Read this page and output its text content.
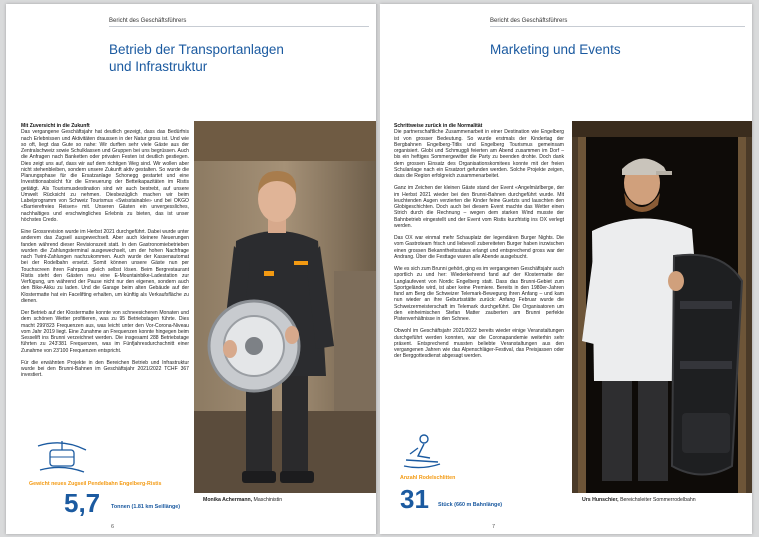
Bericht des Geschäftsführers
Betrieb der Transportanlagen
und Infrastruktur
Mit Zuversicht in die Zukunft

Das vergangene Geschäftsjahr hat deutlich gezeigt, dass das Bedürfnis nach Erlebnissen und Aktivitäten draussen in der Natur gross ist. Und wie so oft, liegt das Gute so nahe: Wir durften sehr viele Gäste aus der Zentralschweiz sowie Schulklassen und Gruppen bei uns begrüssen. Auch die Anfragen nach Banketten oder privaten Festen ist deutlich gestiegen. Dies zeigt uns auf, dass wir auf dem richtigen Weg sind. Wir wollen aber nicht stehenbleiben, sondern unsere Zukunft aktiv gestalten. So wurde die Planungsphase für die Ersatzanlage Schonegg gestartet und eine Investitionsabsicht für die Erneuerung der Betteikapazitäten im Ristis getätigt. Als Tourismusdestination sind wir auch bestrebt, auf unsere Umwelt Rücksicht zu nehmen. Diesbezüglich machen wir beim Labelprogramm von Schweiz Tourismus «Swisstainable» und bei OKGO «Barrierefreies Reisen» mit. Unseren Gästen ein unvergessliches, nachhaltiges und erschwingliches Erlebnis zu bieten, das ist unser höchstes Credo.

Eine Grossrevision wurde im Herbst 2021 durchgeführt. Dabei wurde unter anderem das Zugseil ausgewechselt. Aber auch kleinere Neuerungen fanden während dieser Revisionszeit statt. In den Gastronomiebetrieben wurden die Zahlungsterminal ausgewechselt, um der hohen Nachfrage nach Twint-Zahlungen nachzukommen. Auch wurde der Kassenautomat bei der Rodelbahn ersetzt. Somit können unsere Gäste nun per Touchscreen ihren Fahrpass gleich selbst lösen. Beim Bergrestaurant Ristis steht den Gästen neu eine E-Mountainbike-Ladestation zur Verfügung, um während der Pause nicht nur den eigenen, sondern auch den Bike-Akku zu laden. Und die Garage beim alten Gebäude auf der Klostermatte hat ein Facelifting erhalten, um künftig als Verkaufsfläche zu dienen.

Der Betrieb auf der Klostermatte konnte von schneesicheren Monaten und dem schönen Wetter profitieren, was zu 95 Betriebstagen führte. Dies macht 299'823 Frequenzen aus, was leicht unter den Vor-Corona-Niveau vom Jahr 2019 liegt. Eine Zunahme an Frequenzen konnte hingegen beim Sesselift ins Brunni verzeichnet werden. Die insgesamt 288 Betriebstage führten zu 243'381 Frequenzen, was im Fünfjahresdurchschnitt einer Zunahme von 23'100 Frequenzen entspricht.

Für die erwähnten Projekte in den Bereichen Betrieb und Infrastruktur wurde bei den Brunni-Bahnen im Geschäftsjahr 2021/2022 TCHF 367 investiert.

Monika Achermann, Maschinistin
Gewicht neues Zugseil Pendelbahn Engelberg-Ristis
5,7 Tonnen (1.81 km Seillänge)
6
Bericht des Geschäftsführers
Marketing und Events
Schrittweise zurück in die Normalität

Die partnerschaftliche Zusammenarbeit in einer Destination wie Engelberg ist von grosser Bedeutung. So wurde erstmals der Kindertag der Bergbahnen Engelberg-Titlis und Engelberg Tourismus gemeinsam organisiert. Globi und Schmuggli feierten am Abend zusammen im Dorf – bis ein heftiges Sommergewitter die Party zu beenden drohte. Doch dank dem grossen Einsatz des Organisationskomitees konnte mit der freien Schulanlage nach ein Ersatzort gefunden werden. Solche Projekte zeigen, dass die Region erfolgreich zusammenarbeitet.

Ganz im Zeichen der kleinen Gäste stand der Event «Angelmärlberge, der im Herbst 2021 wieder bei den Brunni-Bahnen durchgeführt wurde. Mit leuchtenden Augen verzierten die Kinder feine Guetzis und lauschten den Globigeschichten. Doch auch bei diesem Event machte das Wetter einen Strich durch die Rechnung – wegen dem starken Wind musste der Bahnbetrieb eingestellt und der Event vom Ristis kurzfristig ins OX verlegt werden.

Das OX war einmal mehr Schauplatz der legendären Burger Nights. Die vom Gastroteam frisch und liebevoll zubereiteten Burger haben inzwischen einen grossen Bekanntheitsstatus erlangt und entsprechend gross war der Andrang. Über die Festtage waren alle Abende ausgebucht.

Wie es sich zum Brunni gehört, ging es im vergangenen Geschäftsjahr auch sportlich zu und her: Wiederkehrend fand auf der Klostermatte der Langlaufevent von Nordic Engelberg statt. Dass das Brunni-Gebiet zum Sportgelände wird, ist aber keine Premiere. Bereits in den 1980er-Jahren fand am Berg die Schweizer Telemark-Bewegung ihren Anfang – und kam nun wieder an ihre Geburtsstätte zurück: Anfang Februar wurde die Schweizermeisterschaft im Telemark durchgeführt. Die Organisatoren um den einheimischen Stefan Matter zauberten am Brunni perfekte Pistenverhältnisse in den Schnee.

Obwohl im Geschäftsjahr 2021/2022 bereits wieder einige Veranstaltungen durchgeführt werden konnten, war die Coronapandemie weiterhin sehr präsent. Entsprechend mussten beliebte Veranstaltungen aus den vergangenen Jahren wie das Alpenschläger-Festival, das Preisjassen oder der Berggottesdienst abgesagt werden.

Urs Hunschier, Bereichsleiter Sommerrodelbahn
Anzahl Rodelschlitten
31 Stück (660 m Bahnlänge)
7
